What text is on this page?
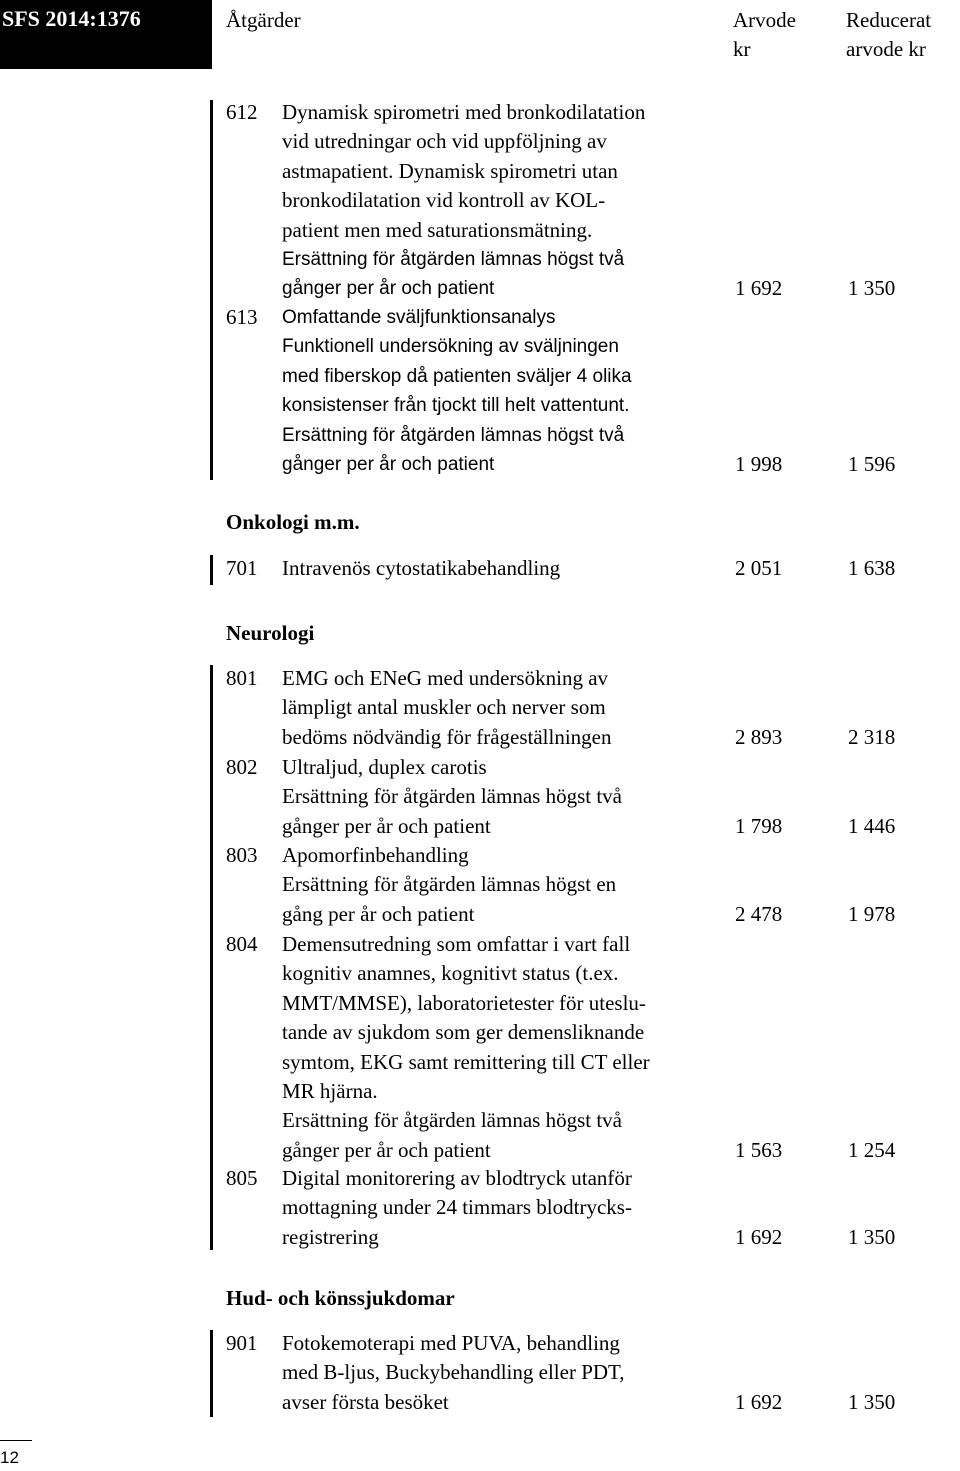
SFS 2014:1376	Åtgärder	Arvode
kr
Reducerat
arvode kr
612 Dynamisk spirometri med bronkodilatation
vid utredningar och vid uppföljning av
astmapatient. Dynamisk spirometri utan
bronkodilatation vid kontroll av KOL-
patient men med saturationsmätning.
Ersättning för åtgärden lämnas högst två
gånger per år och patient	1 692	1 350
613 Omfattande sväljfunktionsanalys
Funktionell undersökning av sväljningen
med fiberskop då patienten sväljer 4 olika
konsistenser från tjockt till helt vattentunt.
Ersättning för åtgärden lämnas högst två
gånger per år och patient	1 998	1 596
Onkologi m.m.
701 Intravenös cytostatikabehandling	2 051	1 638
Neurologi
801 EMG och ENeG med undersökning av
lämpligt antal muskler och nerver som
bedöms nödvändig för frågeställningen	2 893	2 318
802 Ultraljud, duplex carotis
Ersättning för åtgärden lämnas högst två
gånger per år och patient	1 798	1 446
803 Apomorfinbehandling
Ersättning för åtgärden lämnas högst en
gång per år och patient	2 478	1 978
804 Demensutredning som omfattar i vart fall
kognitiv anamnes, kognitivt status (t.ex.
MMT/MMSE), laboratorietester för uteslu-
tande av sjukdom som ger demensliknande
symtom, EKG samt remittering till CT eller
MR hjärna.
Ersättning för åtgärden lämnas högst två
gånger per år och patient	1 563	1 254
805 Digital monitorering av blodtryck utanför
mottagning under 24 timmars blodtrycks-
registrering	1 692	1 350
Hud- och könssjukdomar
901 Fotokemoterapi med PUVA, behandling
med B-ljus, Buckybehandling eller PDT,
avser första besöket	1 692	1 350
12
